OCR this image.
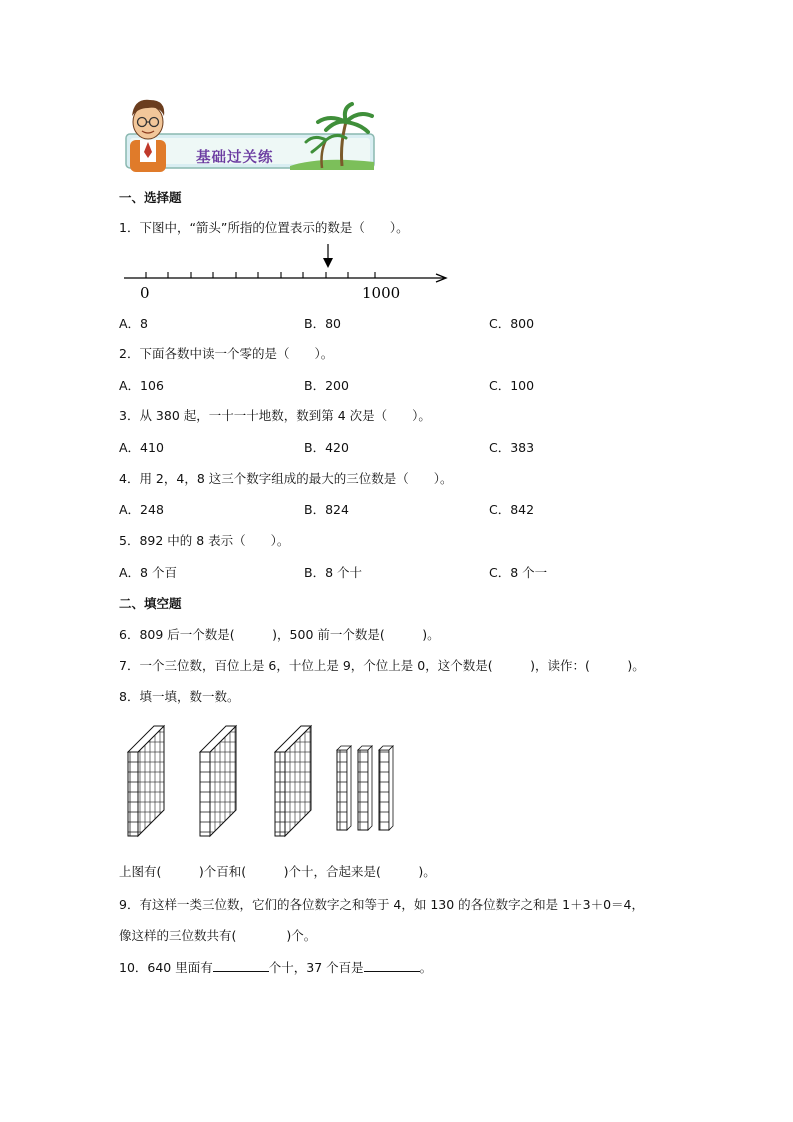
基础过关练
一、选择题
1．下图中，“箭头”所指的位置表示的数是（　　）。
0	1000
A．8	B．80	C．800
2．下面各数中读一个零的是（　　）。
A．106	B．200	C．100
3．从 380 起，一十一十地数，数到第 4 次是（　　）。
A．410	B．420	C．383
4．用 2，4，8 这三个数字组成的最大的三位数是（　　）。
A．248	B．824	C．842
5．892 中的 8 表示（　　）。
A．8 个百	B．8 个十	C．8 个一
二、填空题
6．809 后一个数是(　　　)，500 前一个数是(　　　)。
7．一个三位数，百位上是 6，十位上是 9，个位上是 0，这个数是(　　　)，读作：(　　　)。
8．填一填，数一数。
上图有(　　　)个百和(　　　)个十，合起来是(　　　)。
9．有这样一类三位数，它们的各位数字之和等于 4，如 130 的各位数字之和是 1＋3＋0＝4，
像这样的三位数共有(　　　　)个。
10．640 里面有	个十，37 个百是	。
